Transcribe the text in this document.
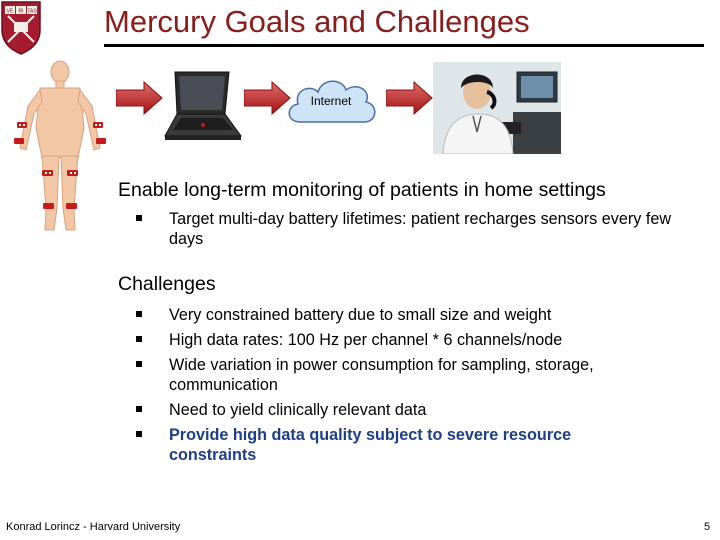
VE RI TAS Mercury Goals and Challenges
Internet
Enable long-term monitoring of patients in home settings
Target multi-day battery lifetimes: patient recharges sensors every few days
Challenges
Very constrained battery due to small size and weight
High data rates: 100 Hz per channel * 6 channels/node
Wide variation in power consumption for sampling, storage, communication
Need to yield clinically relevant data
Provide high data quality subject to severe resource constraints
Konrad Lorincz - Harvard University	5
